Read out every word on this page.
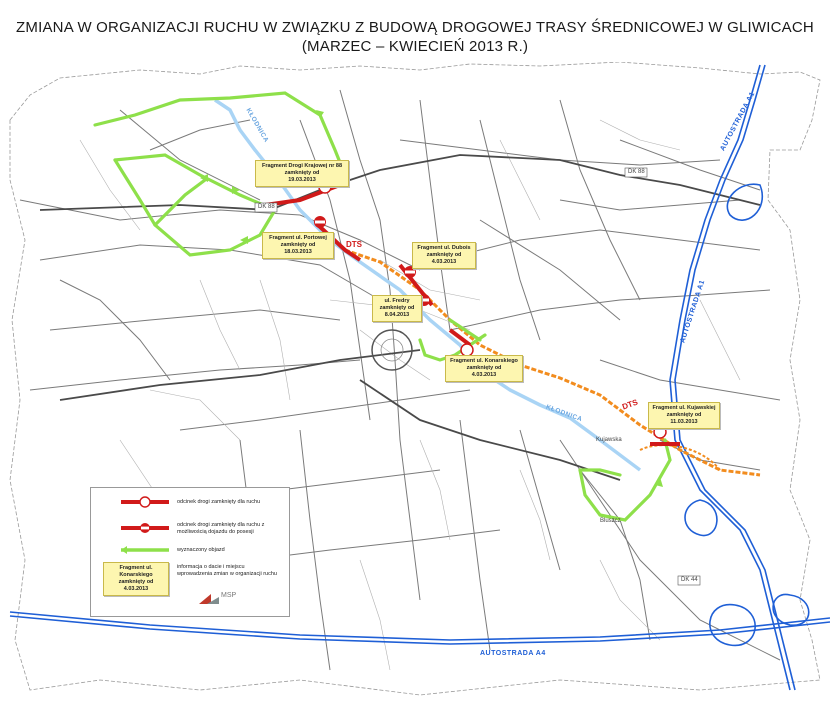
ZMIANA W ORGANIZACJI RUCHU W ZWIĄZKU Z BUDOWĄ DROGOWEJ TRASY ŚREDNICOWEJ W GLIWICACH
(MARZEC – KWIECIEŃ 2013 R.)
DK 88
DK 88
DK 44
Kujawska
Bluszcz
DTS
DTS
KŁODNICA
KŁODNICA	AUTOSTRADA A1
AUTOSTRADA A1
AUTOSTRADA A4
Fragment Drogi Krajowej nr 88
zamknięty od
19.03.2013
Fragment ul. Portowej
zamknięty od
18.03.2013
Fragment ul. Dubois
zamknięty od
4.03.2013
ul. Fredry
zamknięty od
8.04.2013
Fragment ul. Konarskiego
zamknięty od
4.03.2013
Fragment ul. Kujawskiej
zamknięty od
11.03.2013
odcinek drogi zamknięty dla ruchu
odcinek drogi zamknięty dla ruchu z możliwością dojazdu do posesji
wyznaczony objazd
Fragment ul. Konarskiego
zamknięty od
4.03.2013
informacja o dacie i miejscu wprowadzenia zmian w organizacji ruchu
MSP
